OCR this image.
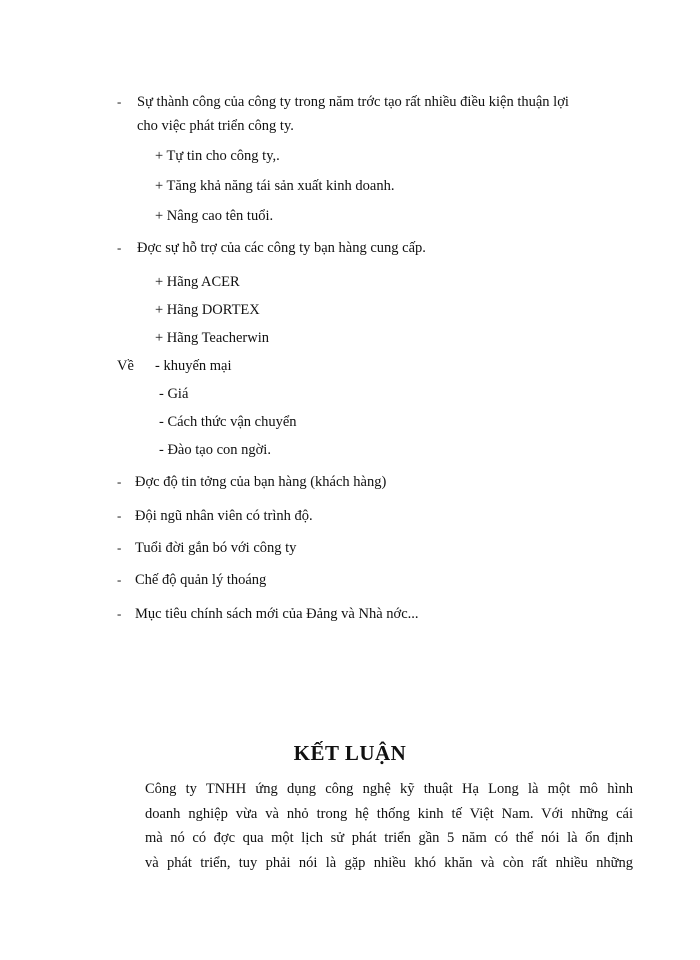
- Sự thành công của công ty trong năm trớc tạo rất nhiều điều kiện thuận lợi
cho việc phát triển công ty.
+ Tự tin cho công ty,.
+ Tăng khả năng tái sản xuất kinh doanh.
+ Nâng cao tên tuổi.
- Đợc sự hỗ trợ của các công ty bạn hàng cung cấp.
+ Hãng ACER
+ Hãng DORTEX
+ Hãng Teacherwin
Về - khuyến mại
- Giá
- Cách thức vận chuyển
- Đào tạo con ngời.
- Đợc độ tin tởng của bạn hàng (khách hàng)
- Đội ngũ nhân viên có trình độ.
- Tuổi đời gắn bó với công ty
- Chế độ quản lý thoáng
- Mục tiêu chính sách mới của Đảng và Nhà nớc...
KẾT LUẬN
Công ty TNHH ứng dụng công nghệ kỹ thuật Hạ Long là một mô hình
doanh nghiệp vừa và nhỏ trong hệ thống kinh tế Việt Nam. Với những cái
mà nó có đợc qua một lịch sử phát triển gần 5 năm có thể nói là ổn định
và phát triển, tuy phải nói là gặp nhiều khó khăn và còn rất nhiều những
